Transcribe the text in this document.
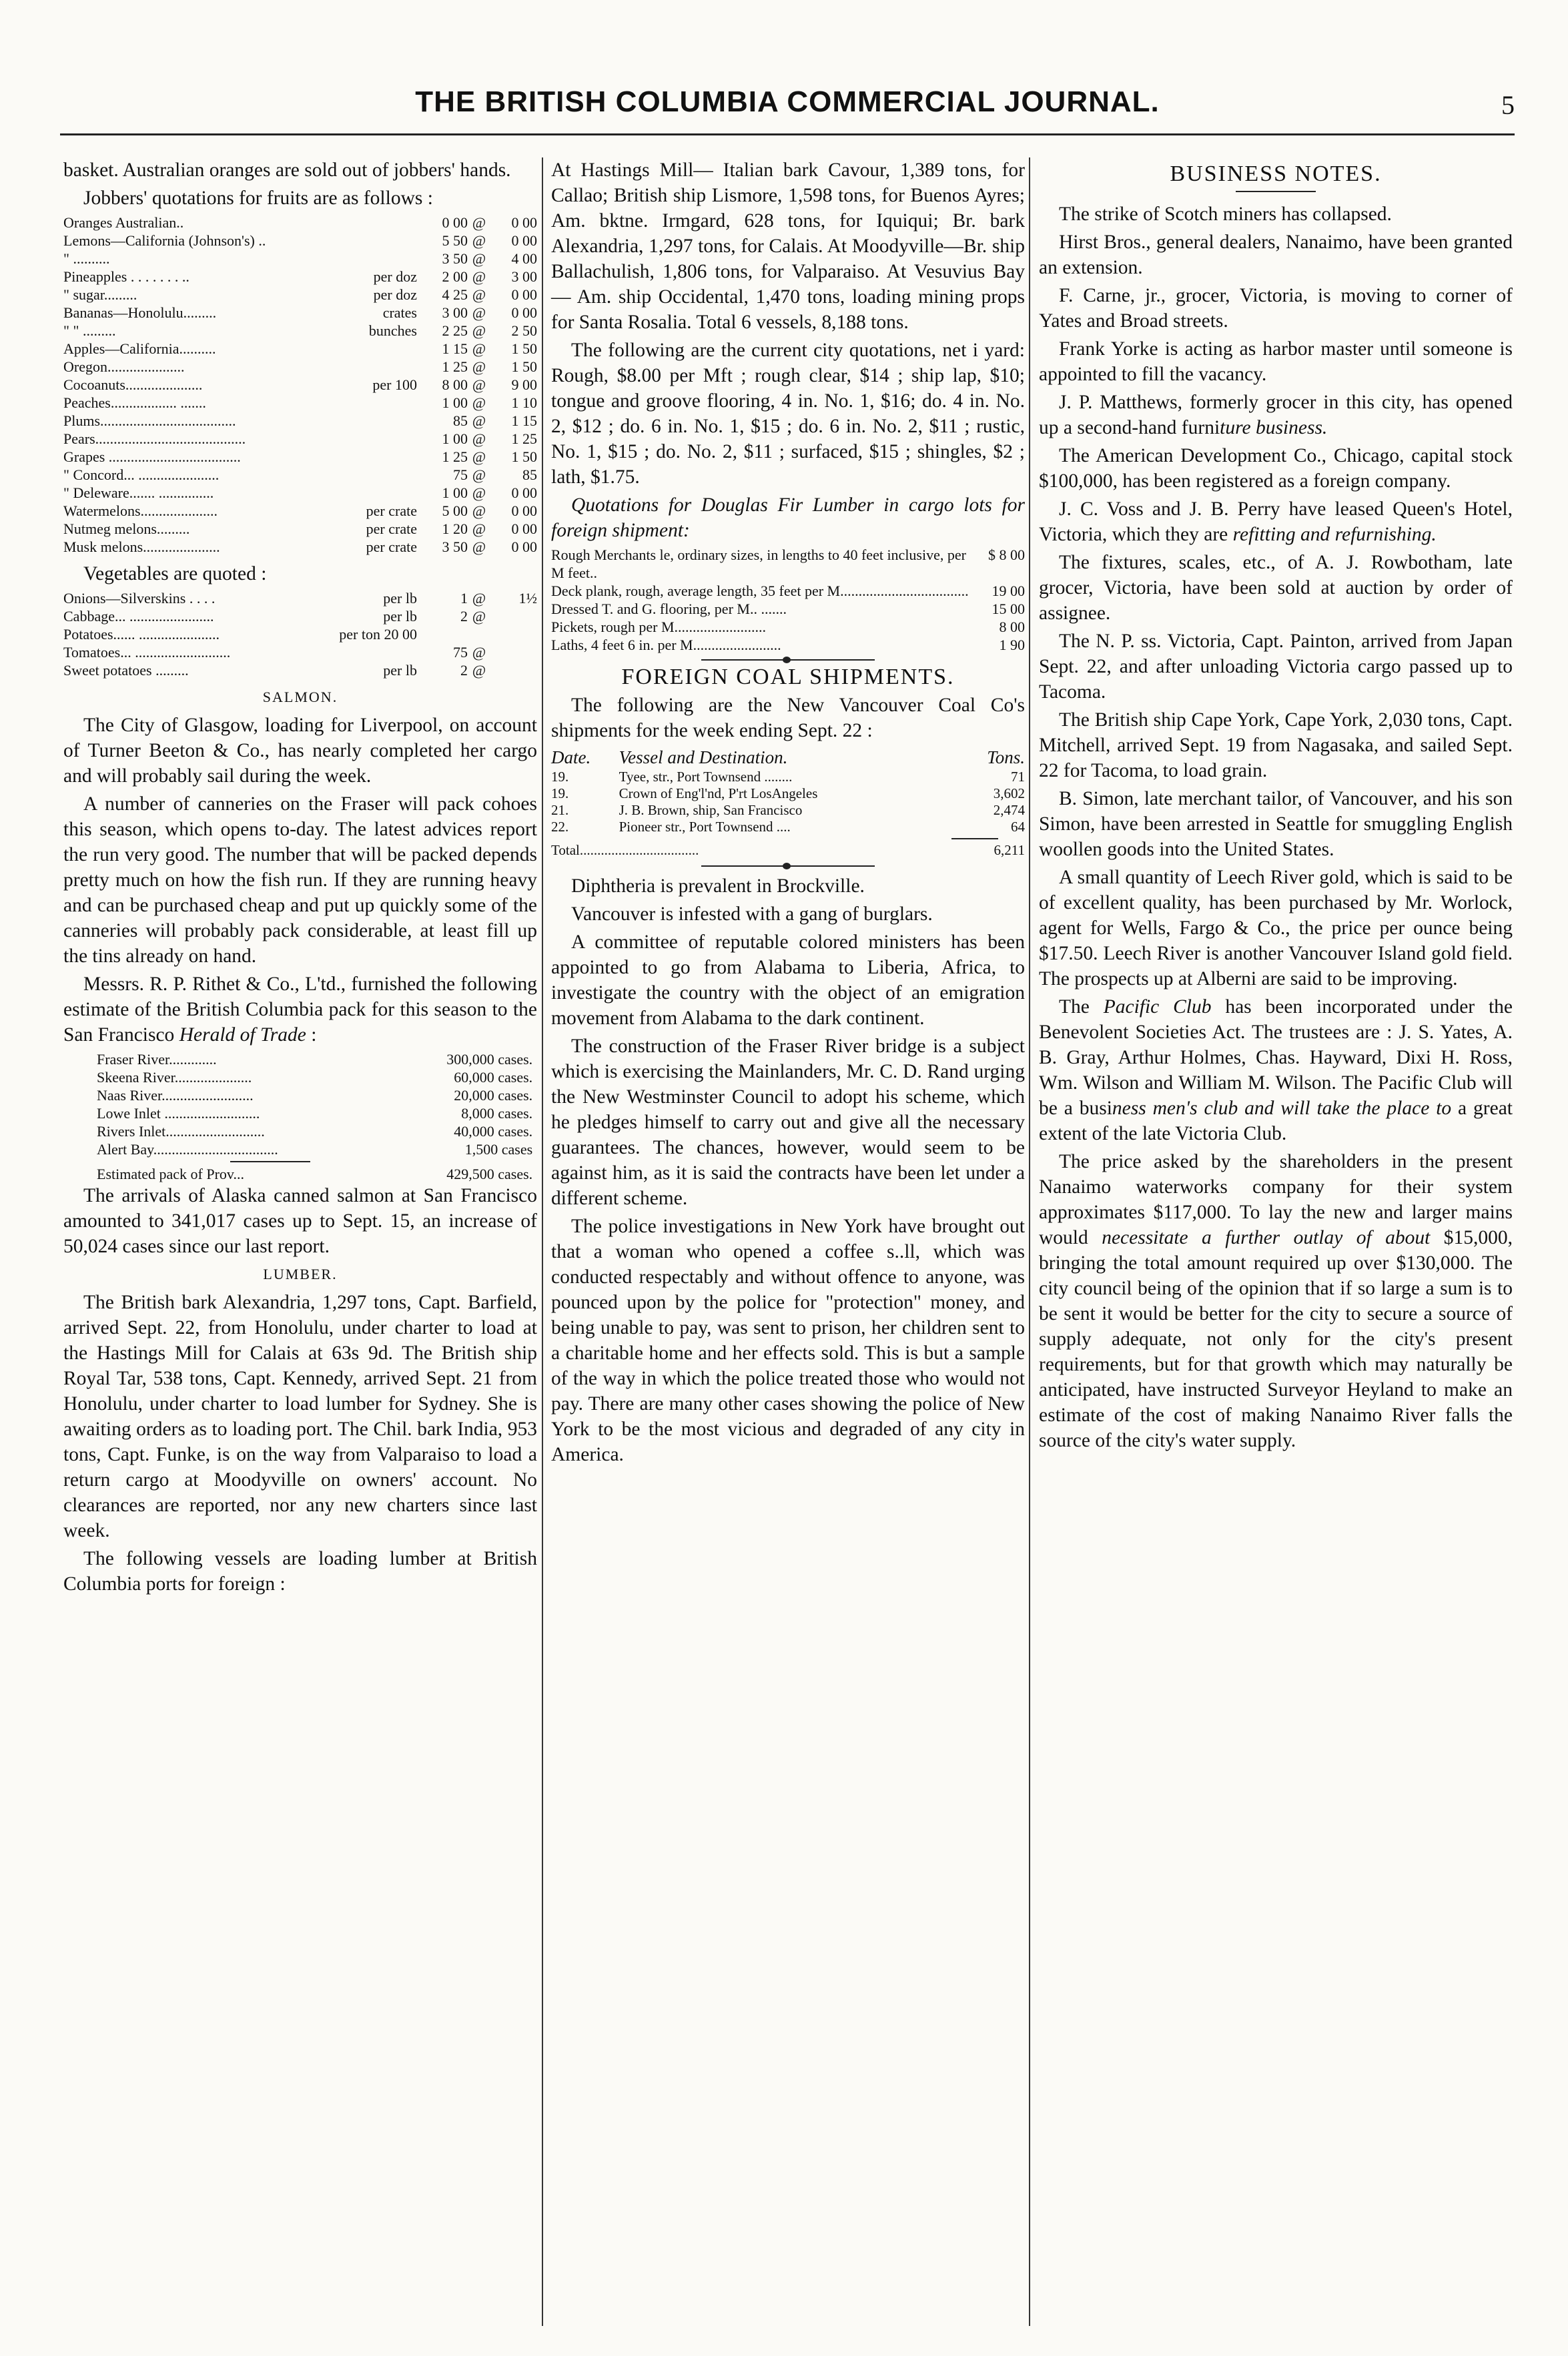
THE BRITISH COLUMBIA COMMERCIAL JOURNAL.	5

basket. Australian oranges are sold out of jobbers' hands.

Jobbers' quotations for fruits are as follows :

Oranges Australian..		0 00	@	0 00
Lemons—California (Johnson's) ..		5 50	@	0 00
" ..........		3 50	@	4 00
Pineapples . . . . . . . ..	per doz	2 00	@	3 00
" sugar.........	per doz	4 25	@	0 00
Bananas—Honolulu.........	crates	3 00	@	0 00
" " .........	bunches	2 25	@	2 50
Apples—California..........		1 15	@	1 50
Oregon.....................		1 25	@	1 50
Cocoanuts.....................	per 100	8 00	@	9 00
Peaches.................. .......		1 00	@	1 10
Plums.....................................		85	@	1 15
Pears.........................................		1 00	@	1 25
Grapes ....................................		1 25	@	1 50
" Concord... ......................		75	@	85
" Deleware....... ...............		1 00	@	0 00
Watermelons.....................	per crate	5 00	@	0 00
Nutmeg melons.........	per crate	1 20	@	0 00
Musk melons.....................	per crate	3 50	@	0 00

Vegetables are quoted :

Onions—Silverskins . . . .	per lb	1	@	1½
Cabbage... .......................	per lb	2	@	
Potatoes...... ......................	per ton 20 00			
Tomatoes... ..........................		75	@	
Sweet potatoes .........	per lb	2	@	
SALMON.

The City of Glasgow, loading for Liverpool, on account of Turner Beeton & Co., has nearly completed her cargo and will probably sail during the week.

A number of canneries on the Fraser will pack cohoes this season, which opens to-day. The latest advices report the run very good. The number that will be packed depends pretty much on how the fish run. If they are running heavy and can be purchased cheap and put up quickly some of the canneries will probably pack considerable, at least fill up the tins already on hand.

Messrs. R. P. Rithet & Co., L'td., furnished the following estimate of the British Columbia pack for this season to the San Francisco Herald of Trade :

Fraser River.............	300,000 cases.
Skeena River.....................	60,000 cases.
Naas River.........................	20,000 cases.
Lowe Inlet ..........................	8,000 cases.
Rivers Inlet...........................	40,000 cases.
Alert Bay..................................	1,500 cases
Estimated pack of Prov...	429,500 cases.

The arrivals of Alaska canned salmon at San Francisco amounted to 341,017 cases up to Sept. 15, an increase of 50,024 cases since our last report.

LUMBER.

The British bark Alexandria, 1,297 tons, Capt. Barfield, arrived Sept. 22, from Honolulu, under charter to load at the Hastings Mill for Calais at 63s 9d. The British ship Royal Tar, 538 tons, Capt. Kennedy, arrived Sept. 21 from Honolulu, under charter to load lumber for Sydney. She is awaiting orders as to loading port. The Chil. bark India, 953 tons, Capt. Funke, is on the way from Valparaiso to load a return cargo at Moodyville on owners' account. No clearances are reported, nor any new charters since last week.

The following vessels are loading lumber at British Columbia ports for foreign :

At Hastings Mill— Italian bark Cavour, 1,389 tons, for Callao; British ship Lismore, 1,598 tons, for Buenos Ayres; Am. bktne. Irmgard, 628 tons, for Iquiqui; Br. bark Alexandria, 1,297 tons, for Calais. At Moodyville—Br. ship Ballachulish, 1,806 tons, for Valparaiso. At Vesuvius Bay — Am. ship Occidental, 1,470 tons, loading mining props for Santa Rosalia. Total 6 vessels, 8,188 tons.

The following are the current city quotations, net i yard: Rough, $8.00 per Mft ; rough clear, $14 ; ship lap, $10; tongue and groove flooring, 4 in. No. 1, $16; do. 4 in. No. 2, $12 ; do. 6 in. No. 1, $15 ; do. 6 in. No. 2, $11 ; rustic, No. 1, $15 ; do. No. 2, $11 ; surfaced, $15 ; shingles, $2 ; lath, $1.75.

Quotations for Douglas Fir Lumber in cargo lots for foreign shipment:

Rough Merchants le, ordinary sizes, in lengths to 40 feet inclusive, per M feet..	$ 8 00
Deck plank, rough, average length, 35 feet per M...................................	19 00
Dressed T. and G. flooring, per M.. .......	15 00
Pickets, rough per M.........................	8 00
Laths, 4 feet 6 in. per M........................	1 90
FOREIGN COAL SHIPMENTS.

The following are the New Vancouver Coal Co's shipments for the week ending Sept. 22 :

Date.	Vessel and Destination.	Tons.
19.	Tyee, str., Port Townsend ........	71
19.	Crown of Eng'l'nd, P'rt LosAngeles	3,602
21.	J. B. Brown, ship, San Francisco	2,474
22.	Pioneer str., Port Townsend ....	64
Total..................................	6,211

Diphtheria is prevalent in Brockville.

Vancouver is infested with a gang of burglars.

A committee of reputable colored ministers has been appointed to go from Alabama to Liberia, Africa, to investigate the country with the object of an emigration movement from Alabama to the dark continent.

The construction of the Fraser River bridge is a subject which is exercising the Mainlanders, Mr. C. D. Rand urging the New Westminster Council to adopt his scheme, which he pledges himself to carry out and give all the necessary guarantees. The chances, however, would seem to be against him, as it is said the contracts have been let under a different scheme.

The police investigations in New York have brought out that a woman who opened a coffee s..ll, which was conducted respectably and without offence to anyone, was pounced upon by the police for "protection" money, and being unable to pay, was sent to prison, her children sent to a charitable home and her effects sold. This is but a sample of the way in which the police treated those who would not pay. There are many other cases showing the police of New York to be the most vicious and degraded of any city in America.

BUSINESS NOTES.

The strike of Scotch miners has collapsed.

Hirst Bros., general dealers, Nanaimo, have been granted an extension.

F. Carne, jr., grocer, Victoria, is moving to corner of Yates and Broad streets.

Frank Yorke is acting as harbor master until someone is appointed to fill the vacancy.

J. P. Matthews, formerly grocer in this city, has opened up a second-hand furniture business.

The American Development Co., Chicago, capital stock $100,000, has been registered as a foreign company.

J. C. Voss and J. B. Perry have leased Queen's Hotel, Victoria, which they are refitting and refurnishing.

The fixtures, scales, etc., of A. J. Rowbotham, late grocer, Victoria, have been sold at auction by order of assignee.

The N. P. ss. Victoria, Capt. Painton, arrived from Japan Sept. 22, and after unloading Victoria cargo passed up to Tacoma.

The British ship Cape York, Cape York, 2,030 tons, Capt. Mitchell, arrived Sept. 19 from Nagasaka, and sailed Sept. 22 for Tacoma, to load grain.

B. Simon, late merchant tailor, of Vancouver, and his son Simon, have been arrested in Seattle for smuggling English woollen goods into the United States.

A small quantity of Leech River gold, which is said to be of excellent quality, has been purchased by Mr. Worlock, agent for Wells, Fargo & Co., the price per ounce being $17.50. Leech River is another Vancouver Island gold field. The prospects up at Alberni are said to be improving.

The Pacific Club has been incorporated under the Benevolent Societies Act. The trustees are : J. S. Yates, A. B. Gray, Arthur Holmes, Chas. Hayward, Dixi H. Ross, Wm. Wilson and William M. Wilson. The Pacific Club will be a business men's club and will take the place to a great extent of the late Victoria Club.

The price asked by the shareholders in the present Nanaimo waterworks company for their system approximates $117,000. To lay the new and larger mains would necessitate a further outlay of about $15,000, bringing the total amount required up over $130,000. The city council being of the opinion that if so large a sum is to be sent it would be better for the city to secure a source of supply adequate, not only for the city's present requirements, but for that growth which may naturally be anticipated, have instructed Surveyor Heyland to make an estimate of the cost of making Nanaimo River falls the source of the city's water supply.
